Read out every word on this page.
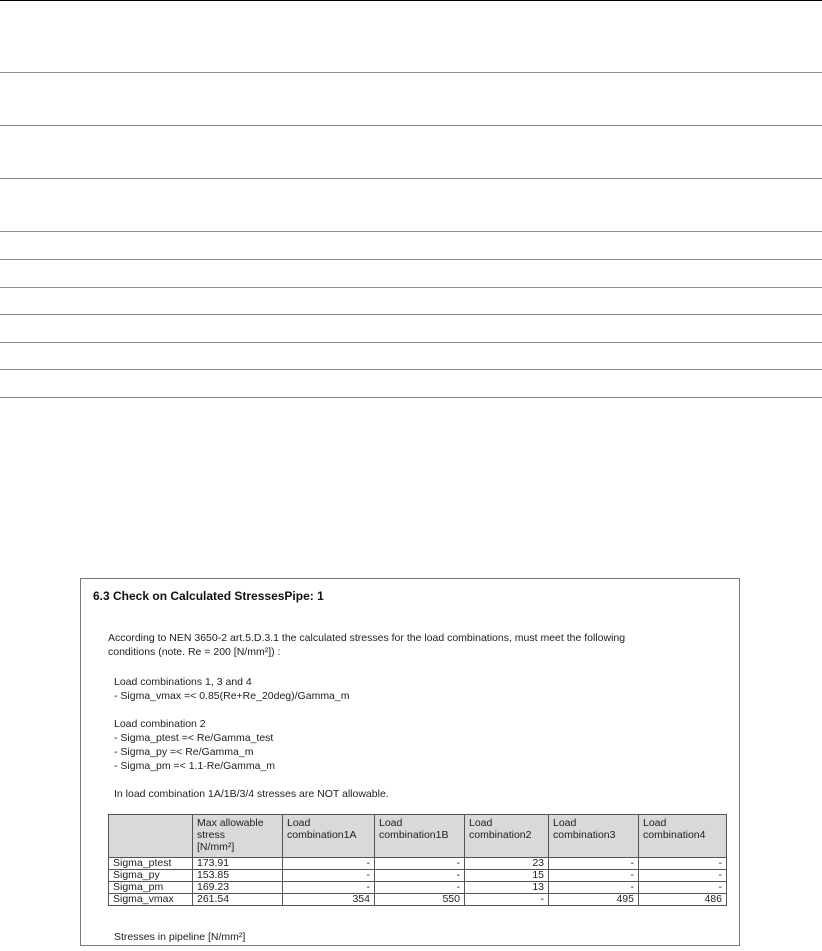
6.3 Check on Calculated StressesPipe: 1
According to NEN 3650-2 art.5.D.3.1 the calculated stresses for the load combinations, must meet the following
conditions (note. Re = 200 [N/mm²]) :
Load combinations 1, 3 and 4
- Sigma_vmax =< 0.85(Re+Re_20deg)/Gamma_m
Load combination 2
- Sigma_ptest =< Re/Gamma_test
- Sigma_py =< Re/Gamma_m
- Sigma_pm =< 1.1·Re/Gamma_m
In load combination 1A/1B/3/4 stresses are NOT allowable.
	Max allowable
stress
[N/mm²]	Load
combination1A	Load
combination1B	Load
combination2	Load
combination3	Load
combination4
Sigma_ptest	173.91	-	-	23	-	-
Sigma_py	153.85	-	-	15	-	-
Sigma_pm	169.23	-	-	13	-	-
Sigma_vmax	261.54	354	550	-	495	486
Stresses in pipeline [N/mm²]
